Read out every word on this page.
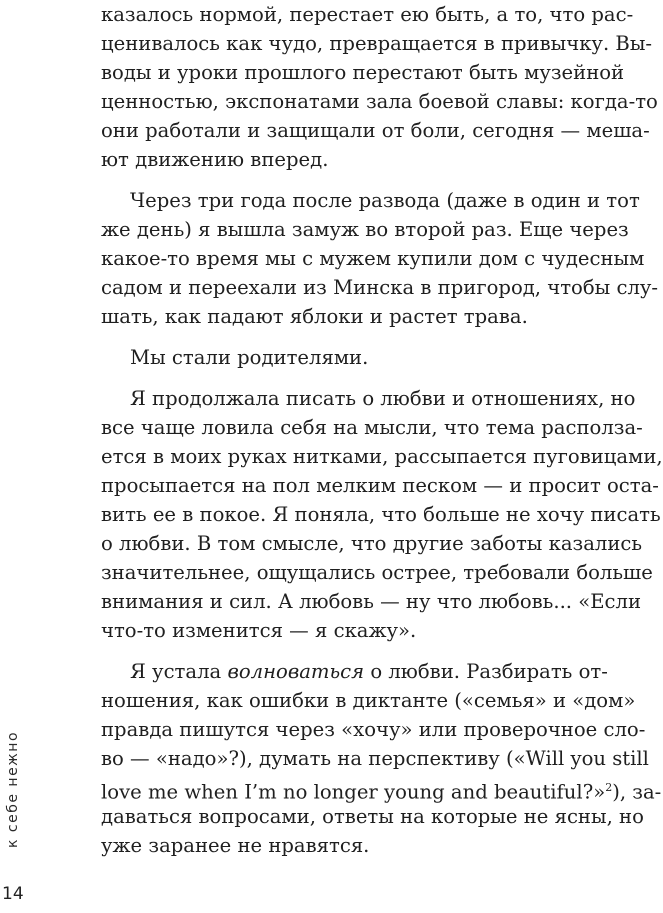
казалось нормой, перестает ею быть, а то, что рас-
ценивалось как чудо, превращается в привычку. Вы-
воды и уроки прошлого перестают быть музейной
ценностью, экспонатами зала боевой славы: когда-то
они работали и защищали от боли, сегодня — меша-
ют движению вперед.
Через три года после развода (даже в один и тот
же день) я вышла замуж во второй раз. Еще через
какое-то время мы с мужем купили дом с чудесным
садом и переехали из Минска в пригород, чтобы слу-
шать, как падают яблоки и растет трава.
Мы стали родителями.
Я продолжала писать о любви и отношениях, но
все чаще ловила себя на мысли, что тема располза-
ется в моих руках нитками, рассыпается пуговицами,
просыпается на пол мелким песком — и просит оста-
вить ее в покое. Я поняла, что больше не хочу писать
о любви. В том смысле, что другие заботы казались
значительнее, ощущались острее, требовали больше
внимания и сил. А любовь — ну что любовь... «Если
что-то изменится — я скажу».
Я устала волноваться о любви. Разбирать от-
ношения, как ошибки в диктанте («семья» и «дом»
правда пишутся через «хочу» или проверочное сло-
во — «надо»?), думать на перспективу («Will you still
love me when I’m no longer young and beautiful?»$^2$), за-
даваться вопросами, ответы на которые не ясны, но
уже заранее не нравятся.
к себе нежно
14
